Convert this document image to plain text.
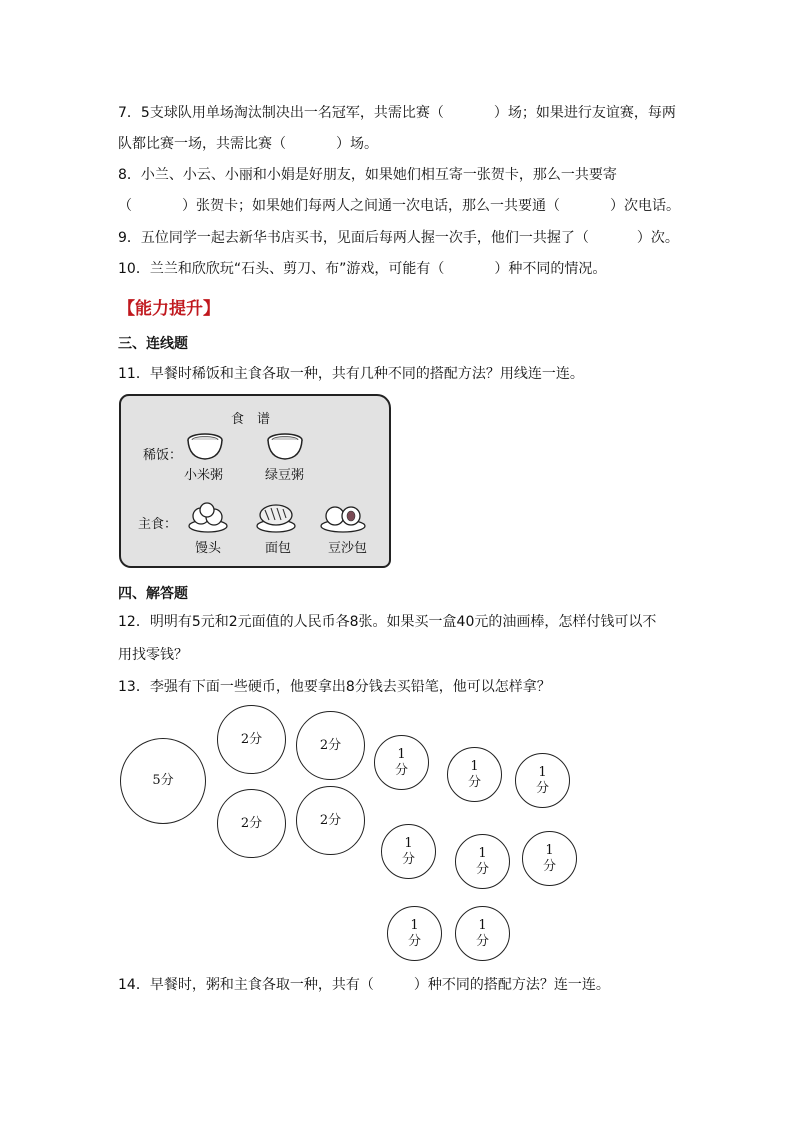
7．5支球队用单场淘汰制决出一名冠军，共需比赛（	）场；如果进行友谊赛，每两
队都比赛一场，共需比赛（	）场。
8．小兰、小云、小丽和小娟是好朋友，如果她们相互寄一张贺卡，那么一共要寄
（	）张贺卡；如果她们每两人之间通一次电话，那么一共要通（	）次电话。
9．五位同学一起去新华书店买书，见面后每两人握一次手，他们一共握了（	）次。
10．兰兰和欣欣玩“石头、剪刀、布”游戏，可能有（	）种不同的情况。
【能力提升】
三、连线题
11．早餐时稀饭和主食各取一种，共有几种不同的搭配方法？用线连一连。
食　谱
稀饭：
小米粥	绿豆粥
主食：
馒头	面包	豆沙包
四、解答题
12．明明有5元和2元面值的人民币各8张。如果买一盒40元的油画棒，怎样付钱可以不
用找零钱？
13．李强有下面一些硬币，他要拿出8分钱去买铅笔，他可以怎样拿？
5分
2分	2分
2分	2分
1
分	1
分
1
分
1
分	1
分
1
分
1
分
1
分
14．早餐时，粥和主食各取一种，共有（	）种不同的搭配方法？连一连。
